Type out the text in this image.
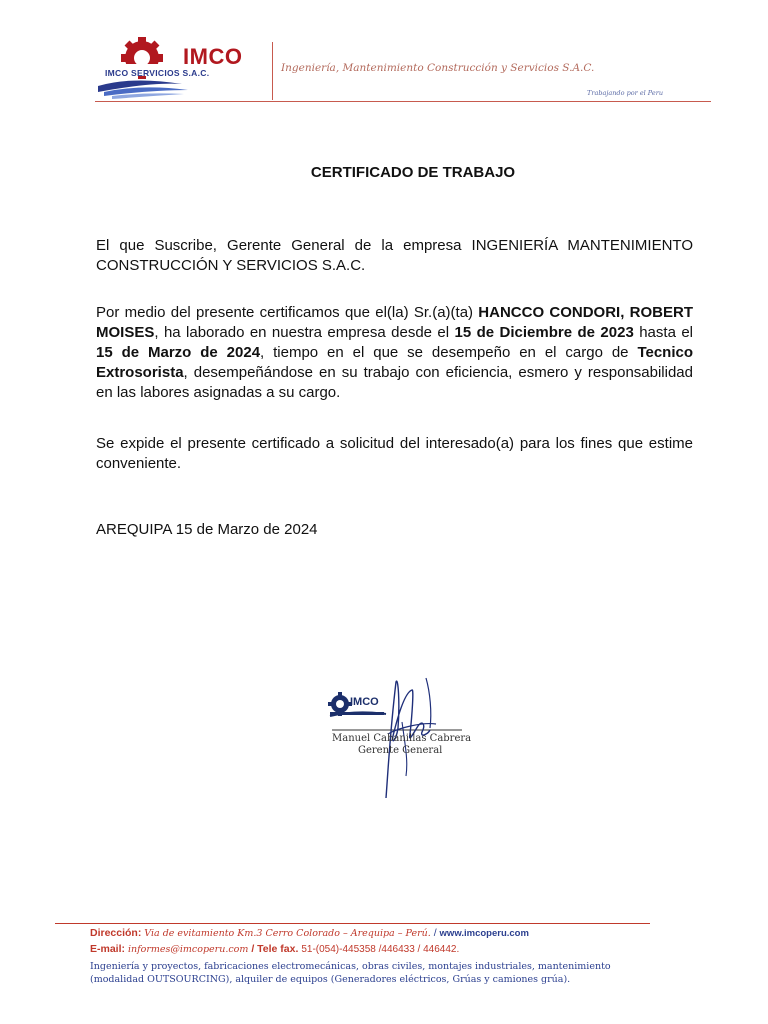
IMCO
IMCO SERVICIOS S.A.C.	Ingeniería, Mantenimiento Construcción y Servicios S.A.C.
Trabajando por el Peru
CERTIFICADO DE TRABAJO
El que Suscribe, Gerente General de la empresa INGENIERÍA MANTENIMIENTO CONSTRUCCIÓN Y SERVICIOS S.A.C.
Por medio del presente certificamos que el(la) Sr.(a)(ta) HANCCO CONDORI, ROBERT MOISES, ha laborado en nuestra empresa desde el 15 de Diciembre de 2023 hasta el 15 de Marzo de 2024, tiempo en el que se desempeño en el cargo de Tecnico Extrosorista, desempeñándose en su trabajo con eficiencia, esmero y responsabilidad en las labores asignadas a su cargo.
Se expide el presente certificado a solicitud del interesado(a) para los fines que estime conveniente.
AREQUIPA 15 de Marzo de 2024
IMCO
Manuel Cabanillas Cabrera
Gerente General
Dirección: Via de evitamiento Km.3 Cerro Colorado – Arequipa – Perú. / www.imcoperu.com
E-mail: informes@imcoperu.com / Tele fax. 51-(054)-445358 /446433 / 446442.
Ingeniería y proyectos, fabricaciones electromecánicas, obras civiles, montajes industriales, mantenimiento (modalidad OUTSOURCING), alquiler de equipos (Generadores eléctricos, Grúas y camiones grúa).
